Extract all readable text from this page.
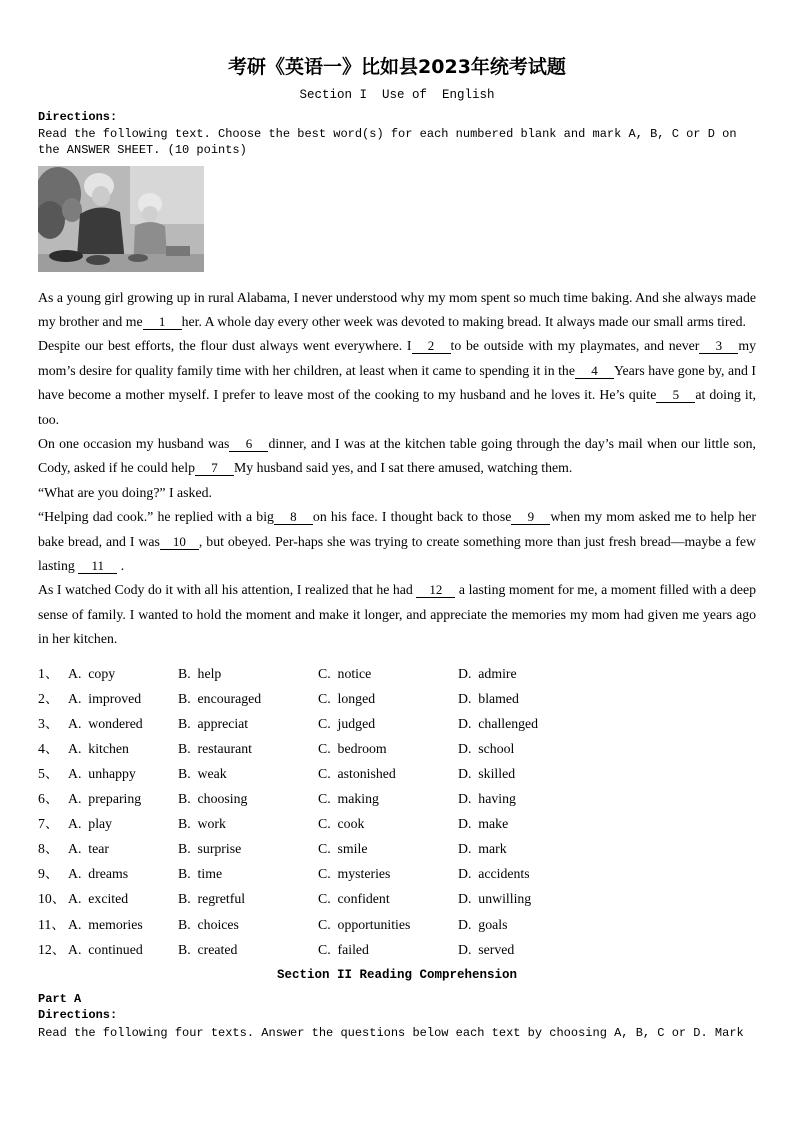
考研《英语一》比如县2023年统考试题
Section I  Use of  English
Directions:
Read the following text. Choose the best word(s) for each numbered blank and mark A, B, C or D on the ANSWER SHEET. (10 points)

As a young girl growing up in rural Alabama, I never understood why my mom spent so much time baking. And she always made my brother and me 1 her. A whole day every other week was devoted to making bread. It always made our small arms tired.

Despite our best efforts, the flour dust always went everywhere. I 2 to be outside with my playmates, and never 3 my mom’s desire for quality family time with her children, at least when it came to spending it in the 4 Years have gone by, and I have become a mother myself. I prefer to leave most of the cooking to my husband and he loves it. He’s quite 5 at doing it, too.

On one occasion my husband was 6 dinner, and I was at the kitchen table going through the day’s mail when our little son, Cody, asked if he could help 7 My husband said yes, and I sat there amused, watching them.

“What are you doing?” I asked.

“Helping dad cook.” he replied with a big 8 on his face. I thought back to those 9 when my mom asked me to help her bake bread, and I was 10 , but obeyed. Per-haps she was trying to create something more than just fresh bread—maybe a few lasting 11 .

As I watched Cody do it with all his attention, I realized that he had 12 a lasting moment for me, a moment filled with a deep sense of family. I wanted to hold the moment and make it longer, and appreciate the memories my mom had given me years ago in her kitchen.

1、 A.  copy	B.  help	C.  notice	D.  admire
2、 A.  improved	B.  encouraged	C.  longed	D.  blamed
3、 A.  wondered	B.  appreciat	C.  judged	D.  challenged
4、 A.  kitchen	B.  restaurant	C.  bedroom	D.  school
5、 A.  unhappy	B.  weak	C.  astonished	D.  skilled
6、 A.  preparing	B.  choosing	C.  making	D.  having
7、 A.  play	B.  work	C.  cook	D.  make
8、 A.  tear	B.  surprise	C.  smile	D.  mark
9、 A.  dreams	B.  time	C.  mysteries	D.  accidents
10、 A.  excited	B.  regretful	C.  confident	D.  unwilling
11、 A.  memories	B.  choices	C.  opportunities	D.  goals
12、 A.  continued	B.  created	C.  failed	D.  served
Section II Reading Comprehension
Part A
Directions:
Read the following four texts. Answer the questions below each text by choosing A, B, C or D. Mark
